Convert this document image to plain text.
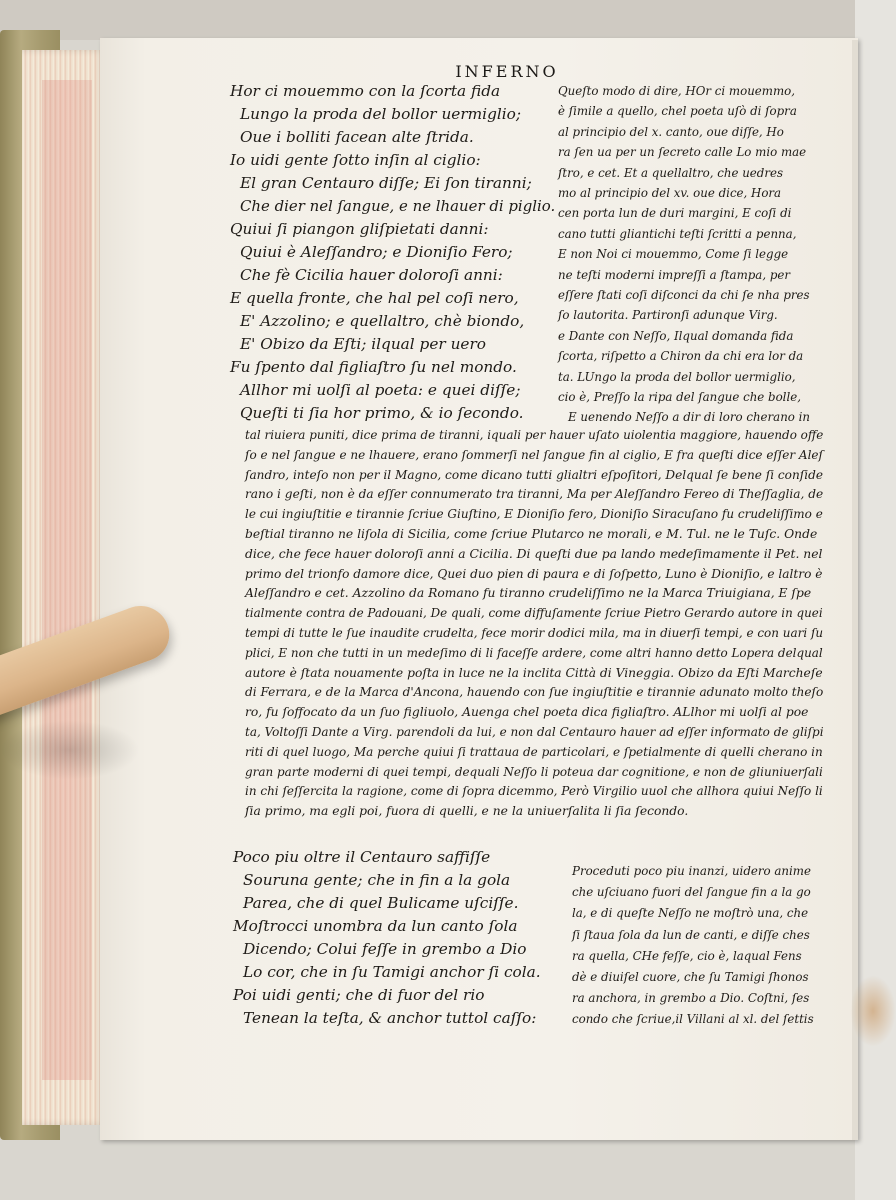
INFERNO
Hor ci mouemmo con la ſcorta fida
Lungo la proda del bollor uermiglio;
Oue i bolliti facean alte ſtrida.
Io uidi gente ſotto inſin al ciglio:
El gran Centauro diſſe; Ei ſon tiranni;
Che dier nel ſangue, e ne lhauer di piglio.
Quiui ſi piangon gliſpietati danni:
Quiui è Aleſſandro; e Dioniſio Fero;
Che fè Cicilia hauer doloroſi anni:
E quella fronte, che hal pel coſi nero,
E' Azzolino; e quellaltro, chè biondo,
E' Obizo da Eſti; ilqual per uero
Fu ſpento dal figliaſtro ſu nel mondo.
Allhor mi uolſi al poeta: e quei diſſe;
Queſti ti ſia hor primo, & io ſecondo.
Queſto modo di dire, HOr ci mouemmo,
è ſimile a quello, chel poeta uſò di ſopra
al principio del x. canto, oue diſſe, Ho
ra ſen ua per un ſecreto calle Lo mio mae
ſtro, e cet. Et a quellaltro, che uedres
mo al principio del xv. oue dice, Hora
cen porta lun de duri margini, E coſi di
cano tutti gliantichi teſti ſcritti a penna,
E non Noi ci mouemmo, Come ſi legge
ne teſti moderni impreſſi a ſtampa, per
eſſere ſtati coſi diſconci da chi ſe nha pres
ſo lautorita. Partironſi adunque Virg.
e Dante con Neſſo, Ilqual domanda fida
ſcorta, riſpetto a Chiron da chi era lor da
ta. LUngo la proda del bollor uermiglio,
cio è, Preſſo la ripa del ſangue che bolle,
E uenendo Neſſo a dir di loro cherano in
tal riuiera puniti, dice prima de tiranni, iquali per hauer uſato uiolentia maggiore, hauendo offe
ſo e nel ſangue e ne lhauere, erano ſommerſi nel ſangue fin al ciglio, E fra queſti dice eſſer Aleſ
ſandro, inteſo non per il Magno, come dicano tutti glialtri eſpoſitori, Delqual ſe bene ſi conſide
rano i geſti, non è da eſſer connumerato tra tiranni, Ma per Aleſſandro Fereo di Theſſaglia, de
le cui ingiuſtitie e tirannie ſcriue Giuſtino, E Dioniſio fero, Dioniſio Siracuſano fu crudeliſſimo e
beſtial tiranno ne liſola di Sicilia, come ſcriue Plutarco ne morali, e M. Tul. ne le Tuſc. Onde
dice, che fece hauer doloroſi anni a Cicilia. Di queſti due pa lando medeſimamente il Pet. nel
primo del trionfo damore dice, Quei duo pien di paura e di ſoſpetto, Luno è Dioniſio, e laltro è
Aleſſandro e cet. Azzolino da Romano fu tiranno crudeliſſimo ne la Marca Triuigiana, E ſpe
tialmente contra de Padouani, De quali, come diffuſamente ſcriue Pietro Gerardo autore in quei
tempi di tutte le ſue inaudite crudelta, fece morir dodici mila, ma in diuerſi tempi, e con uari ſu
plici, E non che tutti in un medeſimo di li faceſſe ardere, come altri hanno detto Lopera delqual
autore è ſtata nouamente poſta in luce ne la inclita Città di Vineggia. Obizo da Eſti Marcheſe
di Ferrara, e de la Marca d'Ancona, hauendo con ſue ingiuſtitie e tirannie adunato molto theſo
ro, fu ſoffocato da un ſuo figliuolo, Auenga chel poeta dica figliaſtro. ALlhor mi uolſi al poe
ta, Voltoſſi Dante a Virg. parendoli da lui, e non dal Centauro hauer ad eſſer informato de gliſpi
riti di quel luogo, Ma perche quiui ſi trattaua de particolari, e ſpetialmente di quelli cherano in
gran parte moderni di quei tempi, dequali Neſſo li poteua dar cognitione, e non de gliuniuerſali
in chi ſeſſercita la ragione, come di ſopra dicemmo, Però Virgilio uuol che allhora quiui Neſſo li
ſia primo, ma egli poi, fuora di quelli, e ne la uniuerſalita li ſia ſecondo.
Poco piu oltre il Centauro saffiſſe
Souruna gente; che in fin a la gola
Parea, che di quel Bulicame uſciſſe.
Moſtrocci unombra da lun canto ſola
Dicendo; Colui feſſe in grembo a Dio
Lo cor, che in ſu Tamigi anchor ſi cola.
Poi uidi genti; che di fuor del rio
Tenean la teſta, & anchor tuttol caſſo:
Proceduti poco piu inanzi, uidero anime
che uſciuano fuori del ſangue fin a la go
la, e di queſte Neſſo ne moſtrò una, che
ſi ſtaua ſola da lun de canti, e diſſe ches
ra quella, CHe feſſe, cio è, laqual Fens
dè e diuiſel cuore, che ſu Tamigi ſhonos
ra anchora, in grembo a Dio. Coſtni, ſes
condo che ſcriue,il Villani al xl. del ſettis
